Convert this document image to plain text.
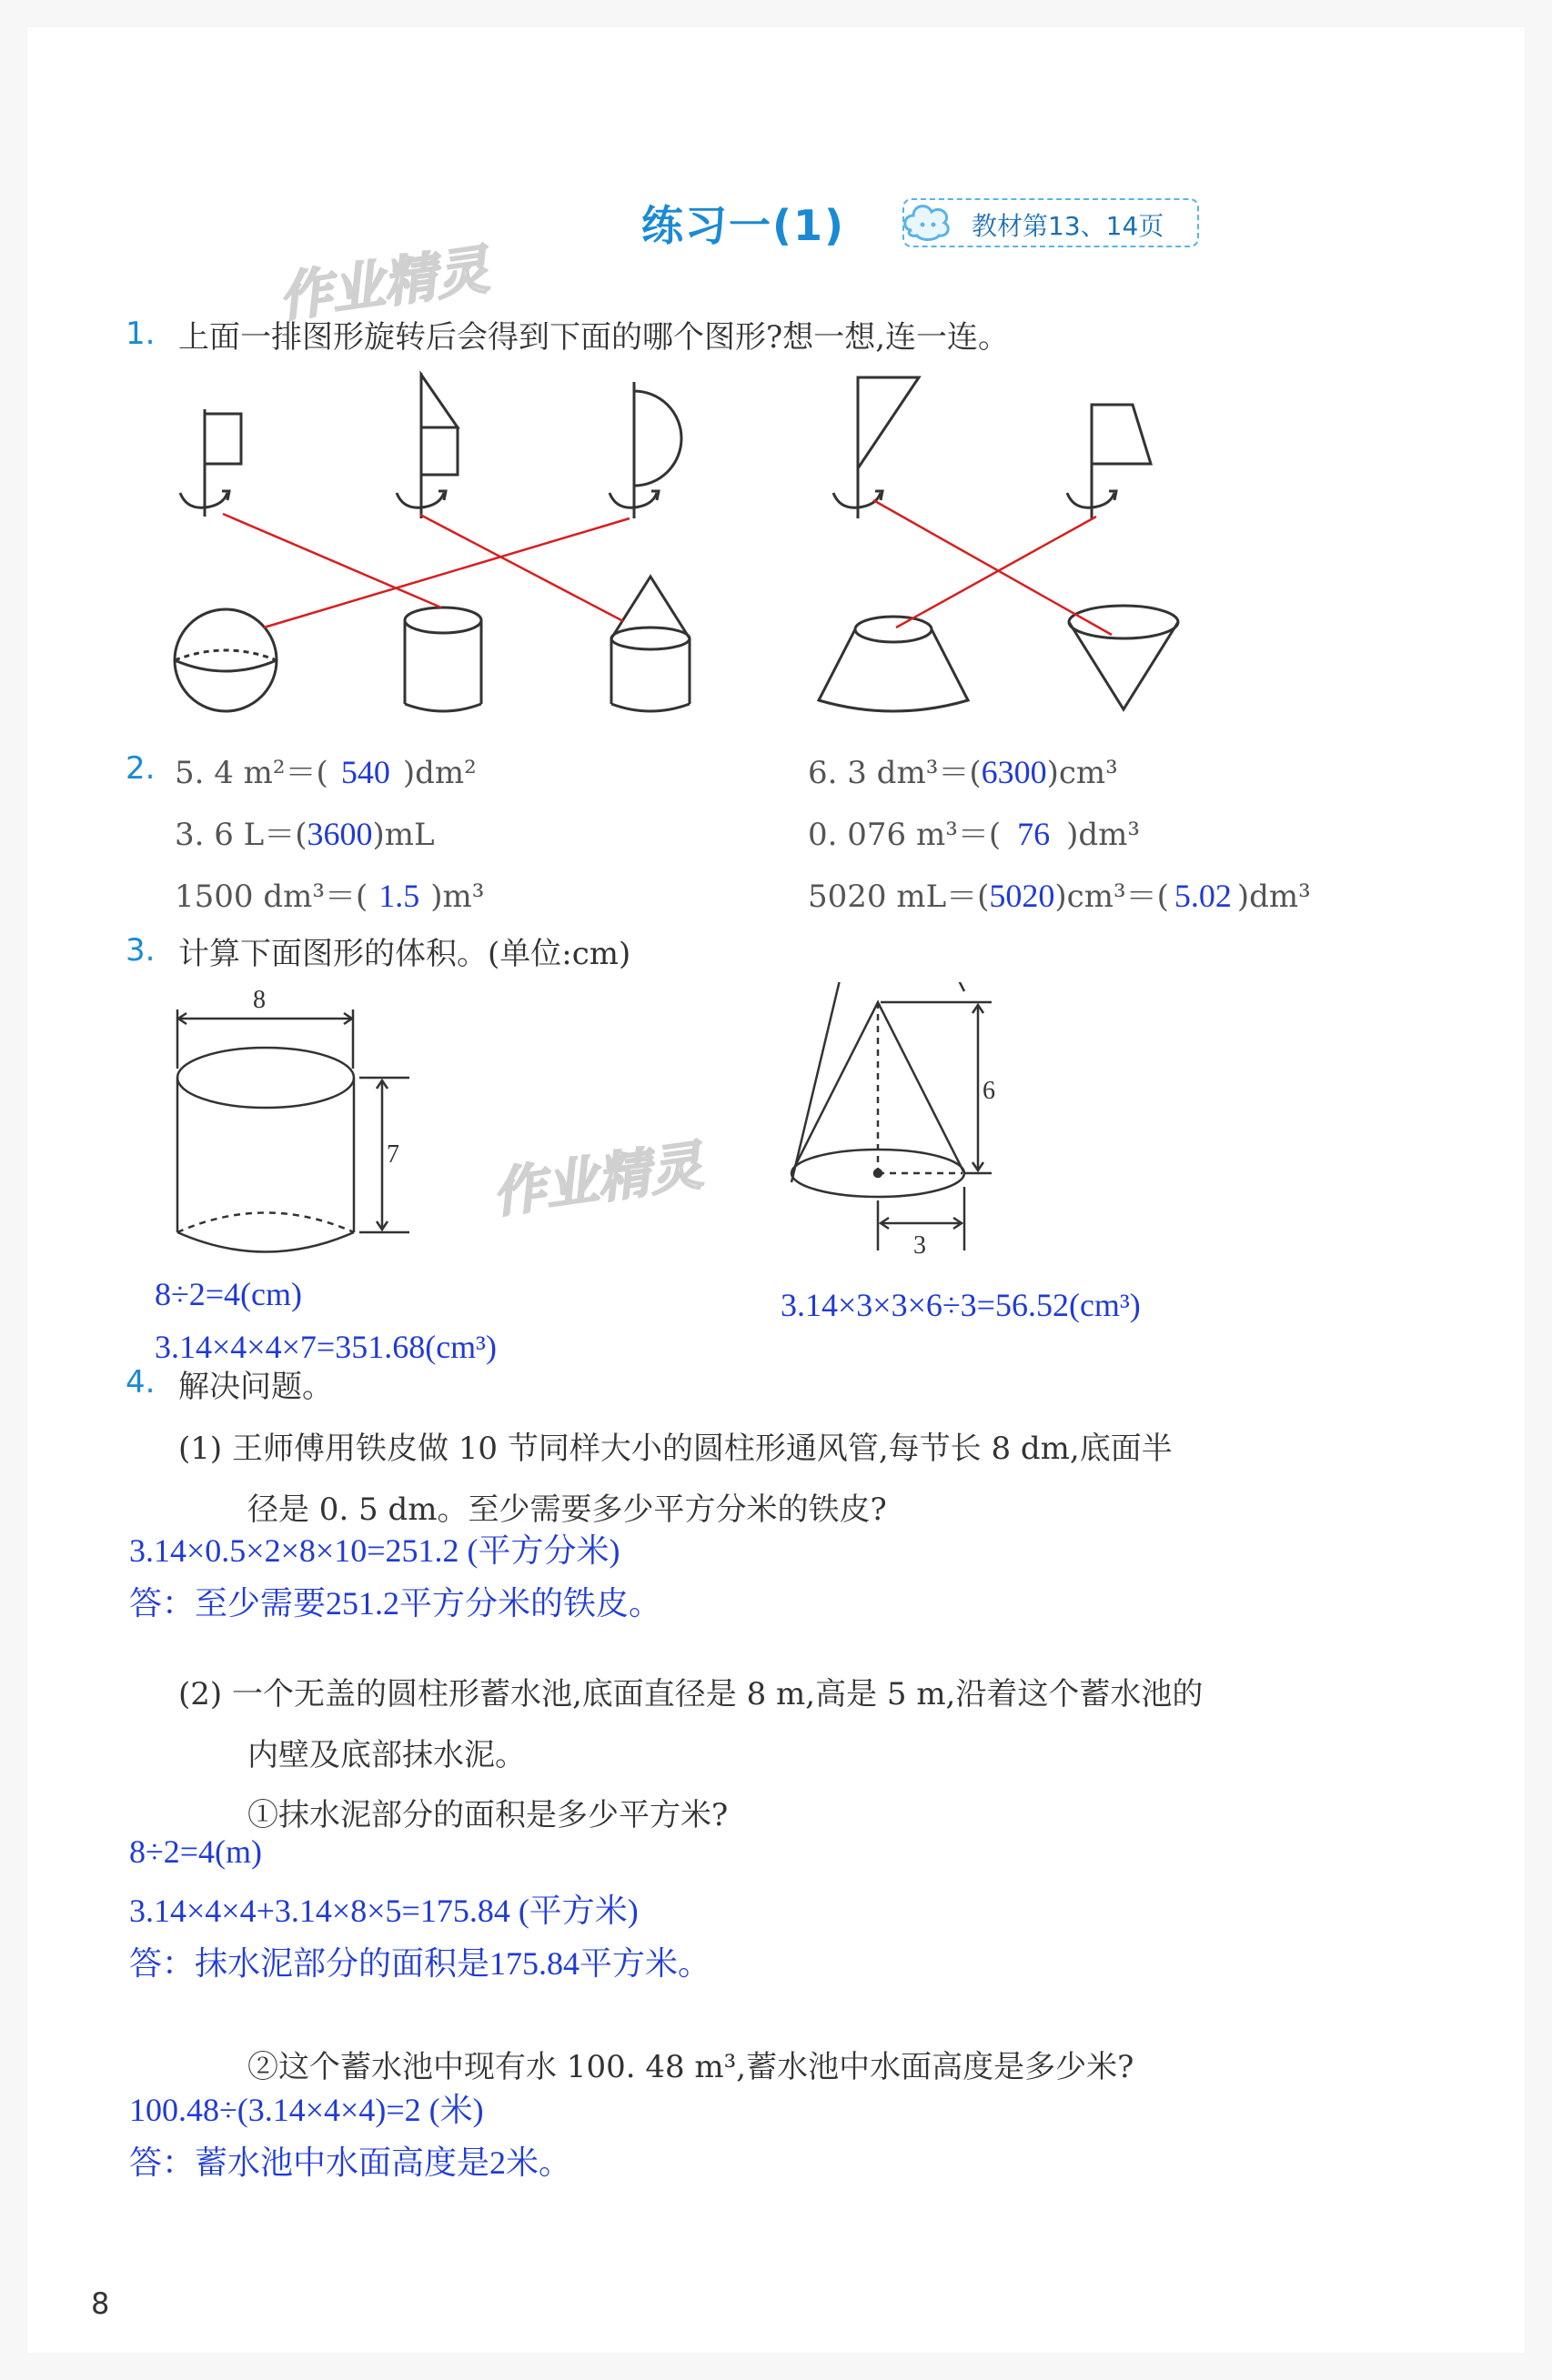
练习一(1)	教材第13、14页
作业精灵
作业精灵
1. 上面一排图形旋转后会得到下面的哪个图形?想一想,连一连。
2. 5. 4 m²＝( 540 )dm²	6. 3 dm³＝(6300)cm³
3. 6 L＝(3600)mL	0. 076 m³＝( 76 )dm³
1500 dm³＝( 1.5 )m³	5020 mL＝(5020)cm³＝( 5.02 )dm³
3. 计算下面图形的体积。(单位:cm)
8
7
6
3
8÷2=4(cm)
3.14×4×4×7=351.68(cm³)
3.14×3×3×6÷3=56.52(cm³)
4. 解决问题。
(1) 王师傅用铁皮做 10 节同样大小的圆柱形通风管,每节长 8 dm,底面半
径是 0. 5 dm。至少需要多少平方分米的铁皮?
3.14×0.5×2×8×10=251.2 (平方分米)
答：至少需要251.2平方分米的铁皮。
(2) 一个无盖的圆柱形蓄水池,底面直径是 8 m,高是 5 m,沿着这个蓄水池的
内壁及底部抹水泥。
①抹水泥部分的面积是多少平方米?
8÷2=4(m)
3.14×4×4+3.14×8×5=175.84 (平方米)
答：抹水泥部分的面积是175.84平方米。
②这个蓄水池中现有水 100. 48 m³,蓄水池中水面高度是多少米?
100.48÷(3.14×4×4)=2 (米)
答：蓄水池中水面高度是2米。
8
